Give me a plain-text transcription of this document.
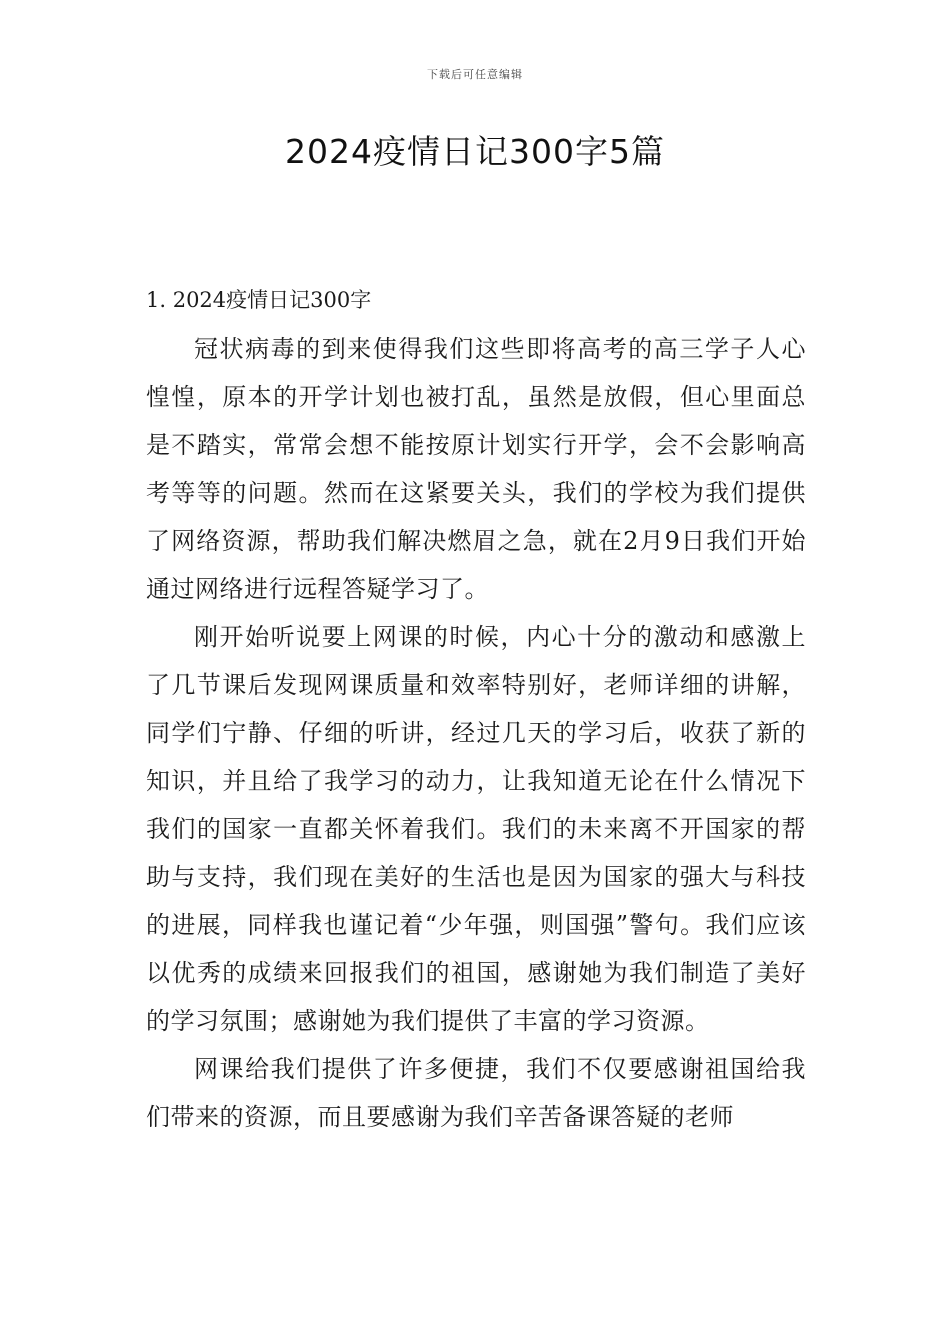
下载后可任意编辑
2024疫情日记300字5篇
1. 2024疫情日记300字

冠状病毒的到来使得我们这些即将高考的高三学子人心惶惶，原本的开学计划也被打乱，虽然是放假，但心里面总是不踏实，常常会想不能按原计划实行开学，会不会影响高考等等的问题。然而在这紧要关头，我们的学校为我们提供了网络资源，帮助我们解决燃眉之急，就在2月9日我们开始通过网络进行远程答疑学习了。

刚开始听说要上网课的时候，内心十分的激动和感激上了几节课后发现网课质量和效率特别好，老师详细的讲解，同学们宁静、仔细的听讲，经过几天的学习后，收获了新的知识，并且给了我学习的动力，让我知道无论在什么情况下我们的国家一直都关怀着我们。我们的未来离不开国家的帮助与支持，我们现在美好的生活也是因为国家的强大与科技的进展，同样我也谨记着“少年强，则国强”警句。我们应该以优秀的成绩来回报我们的祖国，感谢她为我们制造了美好的学习氛围；感谢她为我们提供了丰富的学习资源。

网课给我们提供了许多便捷，我们不仅要感谢祖国给我们带来的资源，而且要感谢为我们辛苦备课答疑的老师
